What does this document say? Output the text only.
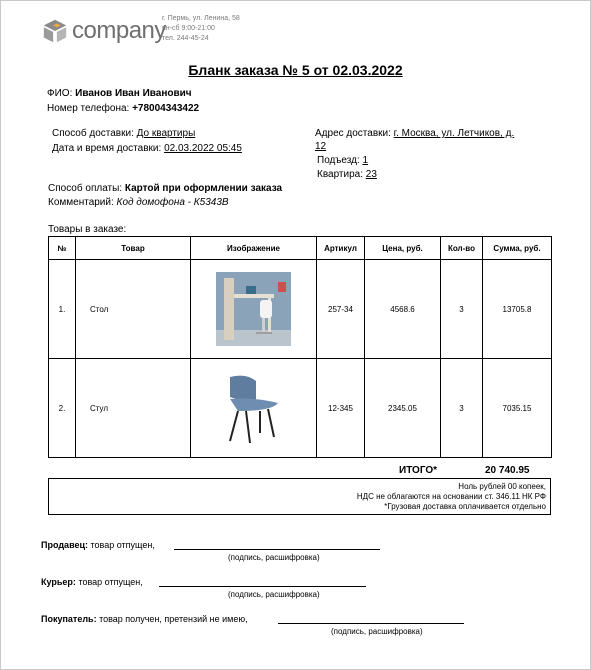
company
г. Пермь, ул. Ленина, 58
пн-сб 9:00-21:00
тел. 244-45-24
Бланк заказа № 5 от 02.03.2022
ФИО: Иванов Иван Иванович
Номер телефона: +78004343422
Способ доставки: До квартиры
Дата и время доставки: 02.03.2022 05:45
Адрес доставки: г. Москва, ул. Летчиков, д.
12
Подъезд: 1
Квартира: 23
Способ оплаты: Картой при оформлении заказа
Комментарий: Код домофона - К5343В
Товары в заказе:
№	Товар	Изображение	Артикул	Цена, руб.	Кол-во	Сумма, руб.
1.	Стол		257-34	4568.6	3	13705.8
2.	Стул		12-345	2345.05	3	7035.15
ИТОГО*	20 740.95
Ноль рублей 00 копеек,
НДС не облагаются на основании ст. 346.11 НК РФ
*Грузовая доставка оплачивается отдельно
Продавец: товар отпущен,
(подпись, расшифровка)
Курьер: товар отпущен,
(подпись, расшифровка)
Покупатель: товар получен, претензий не имею,
(подпись, расшифровка)
